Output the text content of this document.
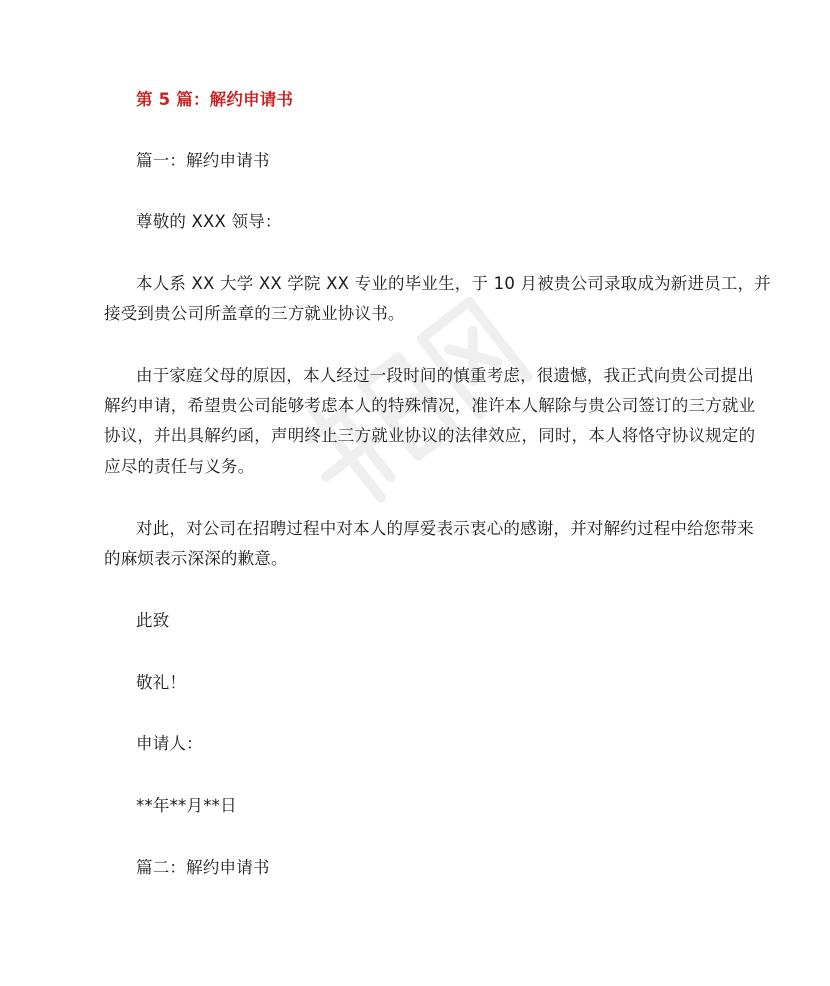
第 5 篇：解约申请书
篇一：解约申请书
尊敬的 XXX 领导：
本人系 XX 大学 XX 学院 XX 专业的毕业生，于 10 月被贵公司录取成为新进员工，并
接受到贵公司所盖章的三方就业协议书。
由于家庭父母的原因，本人经过一段时间的慎重考虑，很遗憾，我正式向贵公司提出
解约申请，希望贵公司能够考虑本人的特殊情况，准许本人解除与贵公司签订的三方就业
协议，并出具解约函，声明终止三方就业协议的法律效应，同时，本人将恪守协议规定的
应尽的责任与义务。
对此，对公司在招聘过程中对本人的厚爱表示衷心的感谢，并对解约过程中给您带来
的麻烦表示深深的歉意。
此致
敬礼！
申请人：
**年**月**日
篇二：解约申请书
